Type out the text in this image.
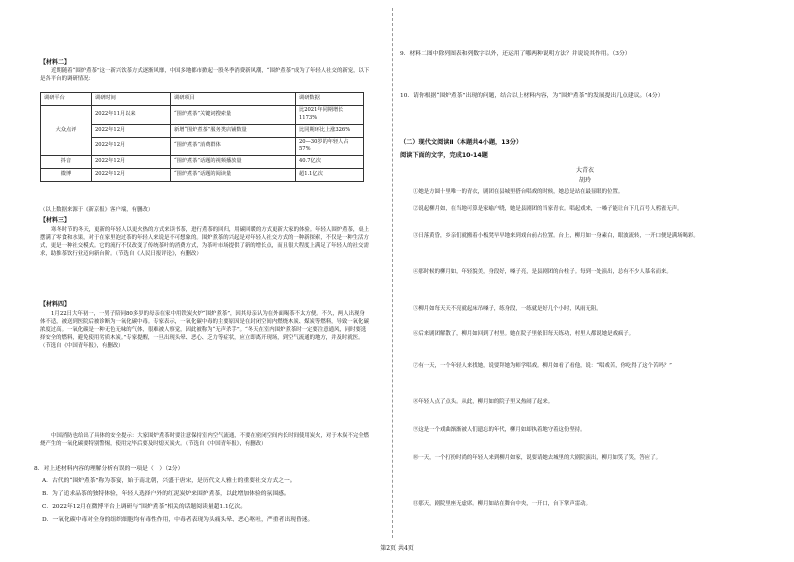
【材料二】

近期随着“围炉煮茶”这一新兴饮茶方式逐渐风靡，中国多地都市掀起一股冬季消费新风潮，“围炉煮茶”成为了年轻人社交的新宠，以下是各平台的调研情况：

调研平台	调研时间	调研项目	调研数据
大众点评	2022年11月以来	“围炉煮茶”关键词搜索量	比2021年同期增长1173%
	2022年12月	新增“围炉煮茶”服务类店铺数量	比同期环比上涨326%
	2022年12月	“围炉煮茶”消费群体	20—30岁的年轻人占57%
抖音	2022年12月	“围炉煮茶”话题的视频播放量	40.7亿次
微博	2022年12月	“围炉煮茶”话题的阅读量	超1.1亿次

（以上数据来源于《新京报》客户端，有删改）

【材料三】

寒冬时节的冬天，更新的年轻人以更火热的方式来读书茶，进行煮茶的回归，用碳回暖的方式更新大家的体验。年轻人围炉煮茶，桌上摆满了零食和水果，对于在家里泡过茶的年轻人来说是不可想象的。围炉煮茶的兴起是对年轻人社交方式的一种新探索，不仅是一种生活方式，更是一种社交模式。它的流行不仅改变了传统茶叶的消费方式，为茶叶市场提供了新的增长点，而且很大程度上满足了年轻人的社交需求，助推茶饮行业迈向新台阶。（节选自《人民日报评论》，有删改）

【材料四】

1月22日大年初一，一男子陪同80多岁的母亲在家中用铁炭火炉“围炉煮茶”，因其母亲认为在外面喝茶不太方便。不久，两人出现身体不适，被送到医院后被诊断为一氧化碳中毒。专家表示，一氧化碳中毒的主要原因是在封闭空间内燃烧木炭、煤炭等燃料，导致一氧化碳浓度过高。一氧化碳是一种无色无味的气体，很难被人察觉，因此被称为“无声杀手”。“冬天在室内围炉煮茶时一定要注意通风，同时要选择安全的燃料，避免使用劣质木炭。”专家提醒，一旦出现头晕、恶心、乏力等症状，应立即离开现场，到空气流通的地方，并及时就医。（节选自《中国青年报》，有删改）

中国消防也给出了具体的安全提示：大家围炉煮茶时要注意保持室内空气流通，不要在密闭空间内长时间使用炭火，对于木炭不完全燃烧产生的一氧化碳要特别警惕，使用完毕后要及时熄灭炭火。（节选自《中国青年报》，有删改）

8．对上述材料内容的理解分析有误的一项是（　）（2分）

A．古代的“围炉煮茶”称为茶宴，始于南北朝，兴盛于唐宋，是历代文人雅士的重要社交方式之一。

B．为了追求品茶的独特体验，年轻人选择户外的红泥炭炉来围炉煮茶，以此增加体验的氛围感。

C．2022年12月在微博平台上调研与“围炉煮茶”相关的话题阅读量超1.1亿次。

D．一氧化碳中毒对全身的组织细胞均有毒性作用，中毒者表现为头痛头晕、恶心呕吐，严重者出现昏迷。

9．材料二图中除列图表和列数字以外，还运用了哪两种说明方法？并说说其作用。（3分）

10．请你根据“围炉煮茶”出现的问题，结合以上材料内容，为“围炉煮茶”的发展提出几点建议。（4分）

（二）现代文阅读Ⅱ（本题共4小题，13分）

阅读下面的文字，完成10-14题

大青衣

胡玲

①她是方圆十里唯一的青衣，剧团在县城里搭台唱戏的时候，她总是站在最显眼的位置。

②说起柳月如，在当地可算是家喻户晓，她是县剧团的当家青衣。唱起戏来，一嗓子能让台下几百号人鸦雀无声。

③日落黄昏，乡亲们就搬着小板凳早早地来到戏台前占位置。台上，柳月如一身素白，眼波流转，一开口便是满场喝彩。

④那时候的柳月如，年轻貌美，身段好，嗓子亮，是县剧团的台柱子。每到一处演出，总有不少人慕名而来。

⑤柳月如每天天不亮就起床吊嗓子，练身段，一练就是好几个小时，风雨无阻。

⑥后来剧团解散了，柳月如回到了村里。她在院子里依旧每天练功，村里人都说她是戏疯子。

⑦有一天，一个年轻人来找她，说要拜她为师学唱戏。柳月如看了看他，说：“唱戏苦，你吃得了这个苦吗？”

⑧年轻人点了点头。从此，柳月如的院子里又热闹了起来。

⑨这是一个戏曲渐渐被人们遗忘的年代，柳月如却执着地守着这份坚持。

⑩一天，一个打扮时尚的年轻人来到柳月如家，说要请她去城里的大剧院演出，柳月如笑了笑，答应了。

⑪那天，剧院里座无虚席。柳月如站在舞台中央，一开口，台下掌声雷动。

第2页 共4页
